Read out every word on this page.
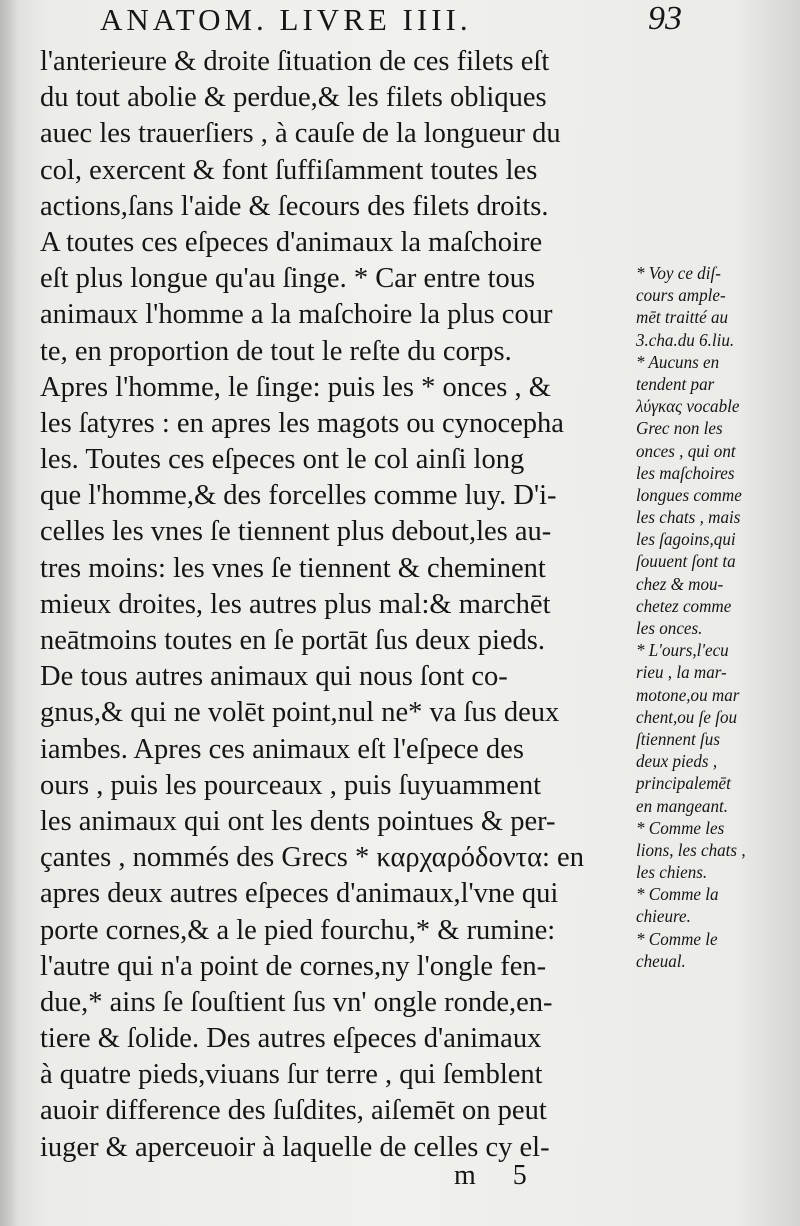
ANATOM. LIVRE IIII.	93
l'anterieure & droite ſituation de ces filets eſt
du tout abolie & perdue,& les filets obliques
auec les trauerſiers , à cauſe de la longueur du
col, exercent & font ſuffiſamment toutes les
actions,ſans l'aide & ſecours des filets droits.
A toutes ces eſpeces d'animaux la maſchoire
eſt plus longue qu'au ſinge. * Car entre tous
animaux l'homme a la maſchoire la plus cour
te, en proportion de tout le reſte du corps.
Apres l'homme, le ſinge: puis les * onces , &
les ſatyres : en apres les magots ou cynocepha
les. Toutes ces eſpeces ont le col ainſi long
que l'homme,& des forcelles comme luy. D'i-
celles les vnes ſe tiennent plus debout,les au-
tres moins: les vnes ſe tiennent & cheminent
mieux droites, les autres plus mal:& marchēt
neātmoins toutes en ſe portāt ſus deux pieds.
De tous autres animaux qui nous ſont co-
gnus,& qui ne volēt point,nul ne* va ſus deux
iambes. Apres ces animaux eſt l'eſpece des
ours , puis les pourceaux , puis ſuyuamment
les animaux qui ont les dents pointues & per-
çantes , nommés des Grecs * καρχαρόδοντα: en
apres deux autres eſpeces d'animaux,l'vne qui
porte cornes,& a le pied fourchu,* & rumine:
l'autre qui n'a point de cornes,ny l'ongle fen-
due,* ains ſe ſouſtient ſus vn' ongle ronde,en-
tiere & ſolide. Des autres eſpeces d'animaux
à quatre pieds,viuans ſur terre , qui ſemblent
auoir difference des ſuſdites, aiſemēt on peut
iuger & aperceuoir à laquelle de celles cy el-
* Voy ce diſ-
cours ample-
mēt traitté au
3.cha.du 6.liu.
* Aucuns en
tendent par
λύγκας vocable
Grec non les
onces , qui ont
les maſchoires
longues comme
les chats , mais
les ſagoins,qui
ſouuent ſont ta
chez & mou-
chetez comme
les onces.
* L'ours,l'ecu
rieu , la mar-
motone,ou mar
chent,ou ſe ſou
ſtiennent ſus
deux pieds ,
principalemēt
en mangeant.
* Comme les
lions, les chats ,
les chiens.
* Comme la
chieure.
* Comme le
cheual.
m 5
